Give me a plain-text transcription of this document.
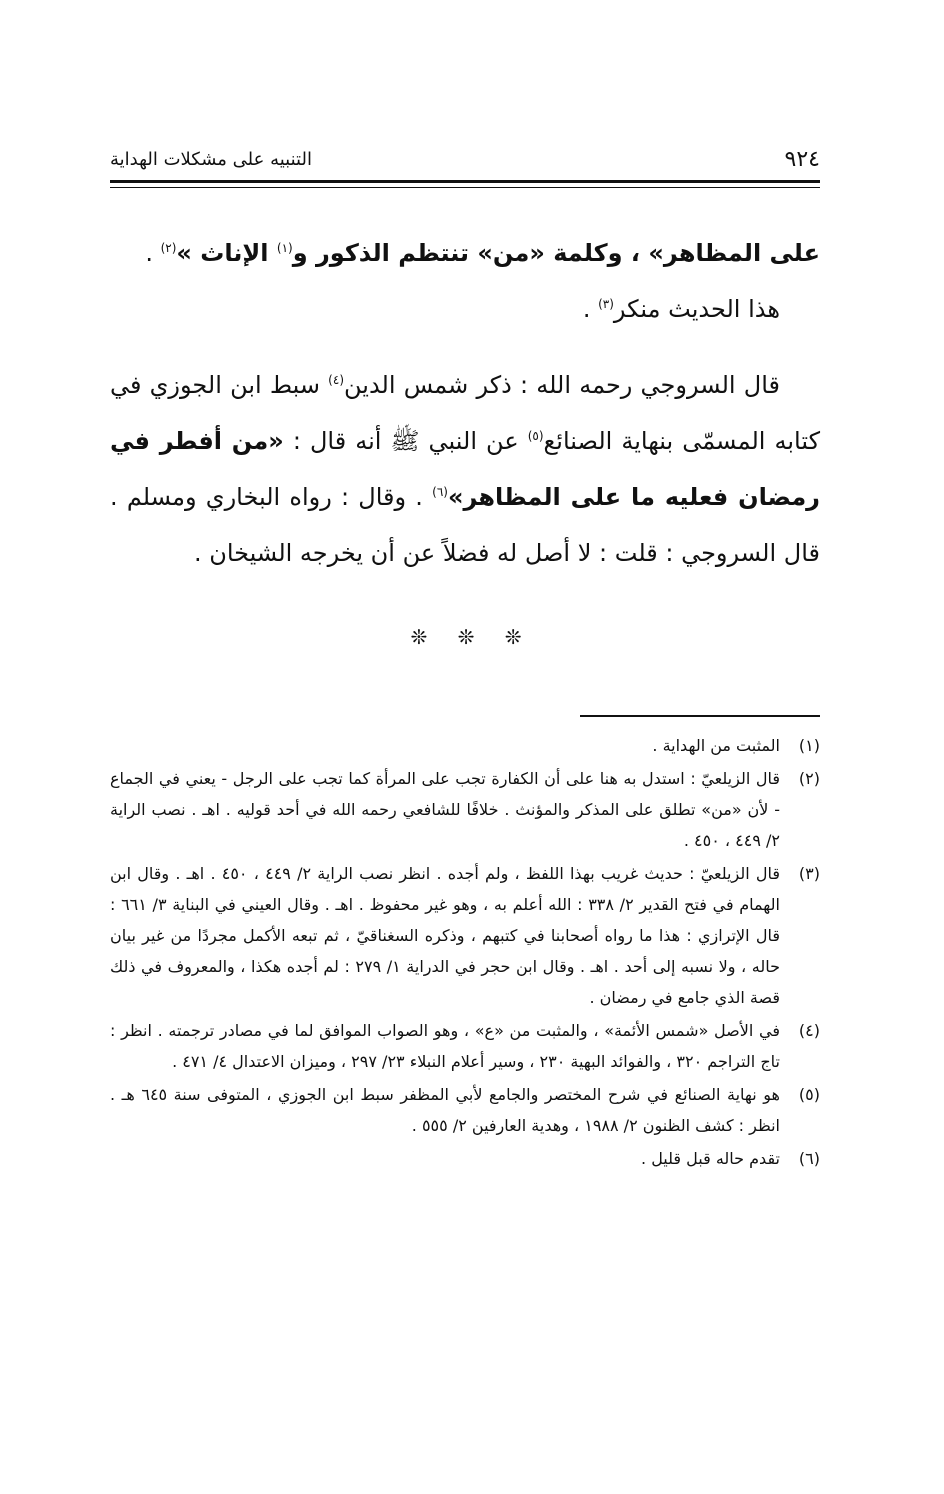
٩٢٤
التنبيه على مشكلات الهداية

على المظاهر» ، وكلمة «من» تنتظم الذكور و$^{(١)}$ الإناث »$^{(٢)}$ .

هذا الحديث منكر$^{(٣)}$ .

قال السروجي رحمه الله : ذكر شمس الدين$^{(٤)}$ سبط ابن الجوزي في كتابه المسمّى بنهاية الصنائع$^{(٥)}$ عن النبي ﷺ أنه قال : «من أفطر في رمضان فعليه ما على المظاهر»$^{(٦)}$ . وقال : رواه البخاري ومسلم . قال السروجي : قلت : لا أصل له فضلاً عن أن يخرجه الشيخان .

❊ ❊ ❊
(١)
المثبت من الهداية .
(٢)
قال الزيلعيّ : استدل به هنا على أن الكفارة تجب على المرأة كما تجب على الرجل - يعني في الجماع - لأن «من» تطلق على المذكر والمؤنث . خلافًا للشافعي رحمه الله في أحد قوليه . اهـ . نصب الراية ٢/ ٤٤٩ ، ٤٥٠ .
(٣)
قال الزيلعيّ : حديث غريب بهذا اللفظ ، ولم أجده . انظر نصب الراية ٢/ ٤٤٩ ، ٤٥٠ . اهـ . وقال ابن الهمام في فتح القدير ٢/ ٣٣٨ : الله أعلم به ، وهو غير محفوظ . اهـ . وقال العيني في البناية ٣/ ٦٦١ : قال الإترازي : هذا ما رواه أصحابنا في كتبهم ، وذكره السغناقيّ ، ثم تبعه الأكمل مجردًا من غير بيان حاله ، ولا نسبه إلى أحد . اهـ . وقال ابن حجر في الدراية ١/ ٢٧٩ : لم أجده هكذا ، والمعروف في ذلك قصة الذي جامع في رمضان .
(٤)
في الأصل «شمس الأئمة» ، والمثبت من «ع» ، وهو الصواب الموافق لما في مصادر ترجمته . انظر : تاج التراجم ٣٢٠ ، والفوائد البهية ٢٣٠ ، وسير أعلام النبلاء ٢٣/ ٢٩٧ ، وميزان الاعتدال ٤/ ٤٧١ .
(٥)
هو نهاية الصنائع في شرح المختصر والجامع لأبي المظفر سبط ابن الجوزي ، المتوفى سنة ٦٤٥ هـ . انظر : كشف الظنون ٢/ ١٩٨٨ ، وهدية العارفين ٢/ ٥٥٥ .
(٦)
تقدم حاله قبل قليل .
